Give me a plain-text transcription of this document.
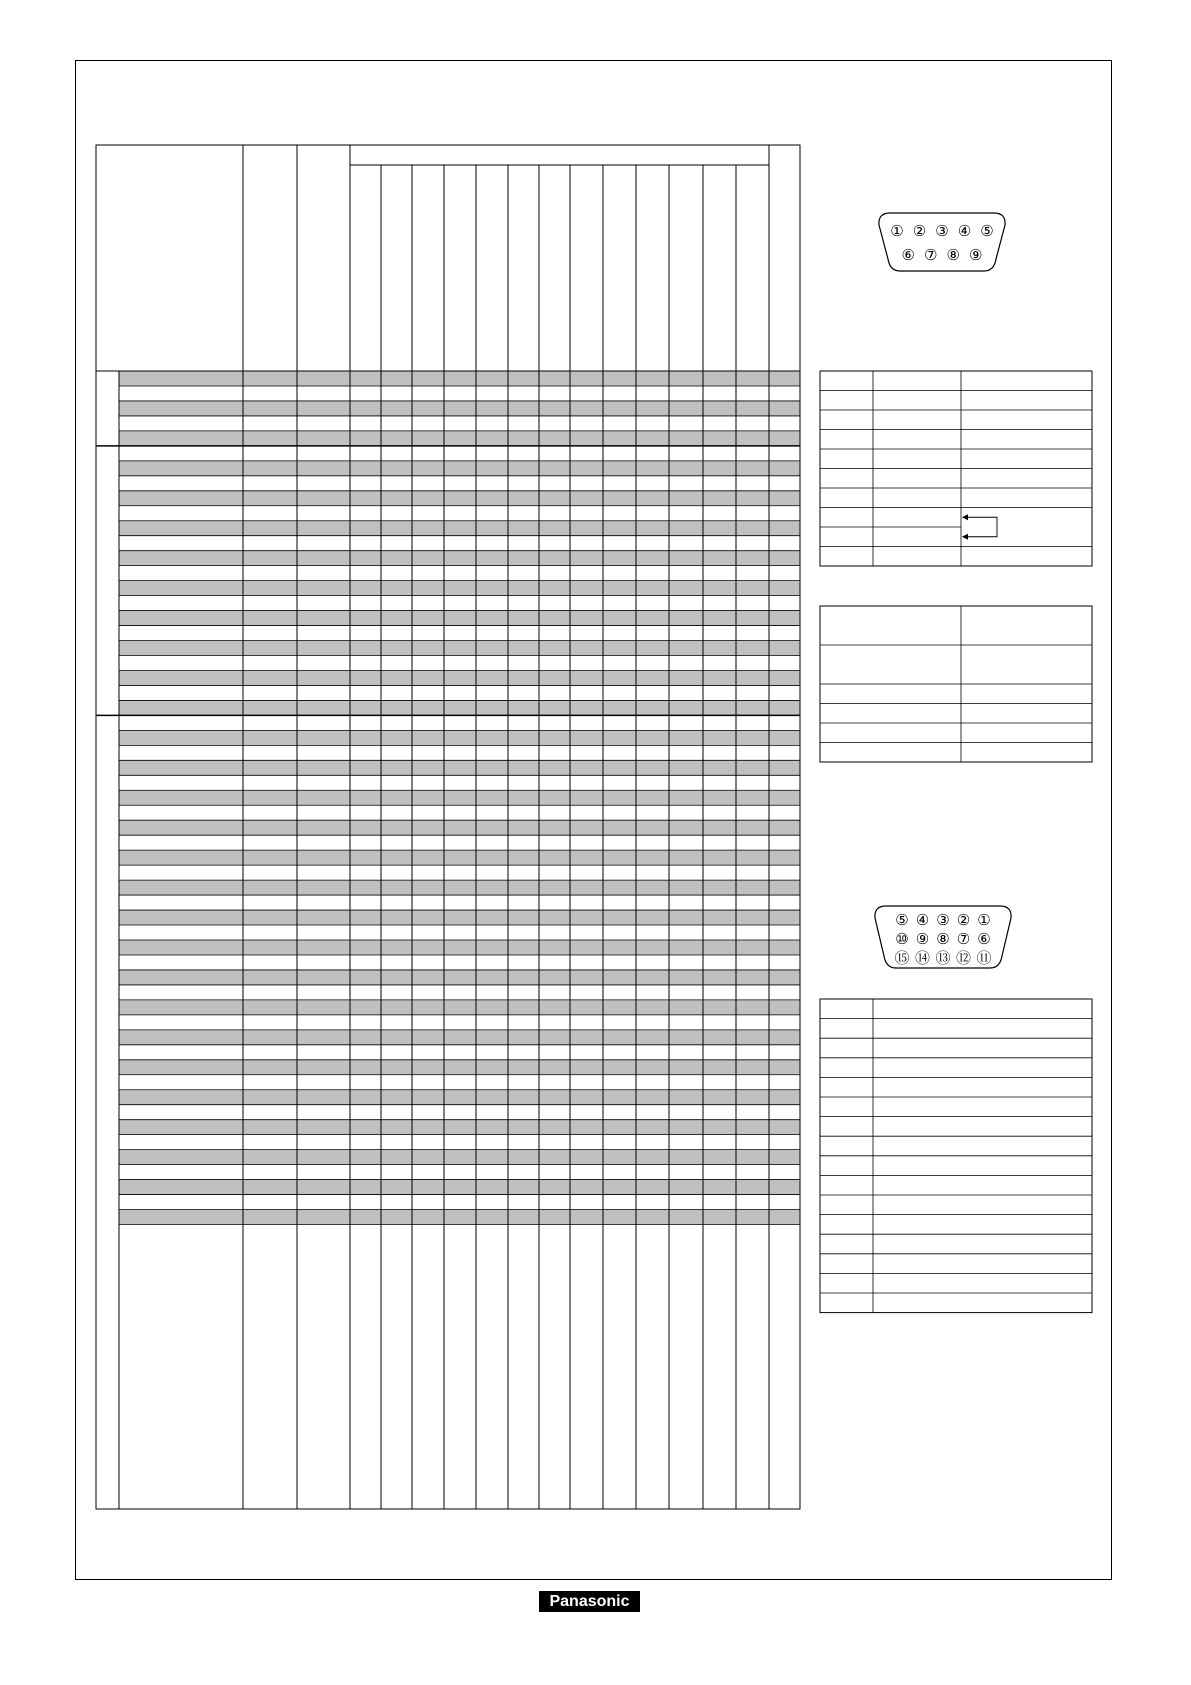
① ② ③ ④ ⑤
⑥ ⑦ ⑧ ⑨
⑤ ④ ③ ② ①
⑩ ⑨ ⑧ ⑦ ⑥
⑮ ⑭ ⑬ ⑫ ⑪
Panasonic
